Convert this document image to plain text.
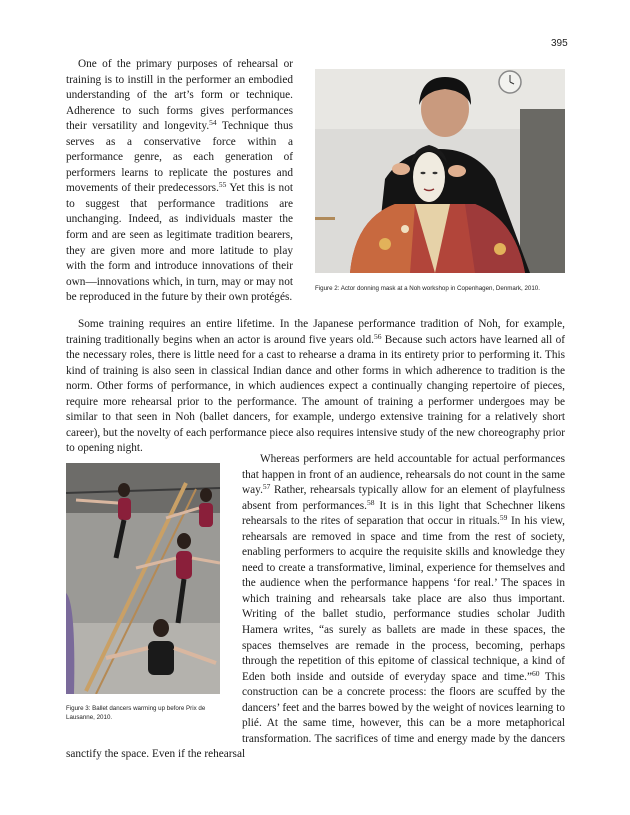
395
Figure 2: Actor donning mask at a Noh workshop in Copenhagen, Denmark, 2010.
Figure 3: Ballet dancers warming up before Prix de Lausanne, 2010.

One of the primary purposes of rehearsal or training is to instill in the performer an embodied understanding of the art’s form or technique. Adherence to such forms gives performances their versatility and longevity.$^{54}$ Technique thus serves as a conservative force within a performance genre, as each generation of performers learns to replicate the postures and movements of their predecessors.$^{55}$ Yet this is not to suggest that performance traditions are unchanging. Indeed, as individuals master the form and are seen as legitimate tradition bearers, they are given more and more latitude to play with the form and introduce innovations of their own—innovations which, in turn, may or may not be reproduced in the future by their own protégés.

Some training requires an entire lifetime. In the Japanese performance tradition of Noh, for example, training traditionally begins when an actor is around five years old.$^{56}$ Because such actors have learned all of the necessary roles, there is little need for a cast to rehearse a drama in its entirety prior to performing it. This kind of training is also seen in classical Indian dance and other forms in which adherence to tradition is the norm. Other forms of performance, in which audiences expect a continually changing repertoire of pieces, require more rehearsal prior to the performance. The amount of training a performer undergoes may be similar to that seen in Noh (ballet dancers, for example, undergo extensive training for a relatively short career), but the novelty of each performance piece also requires intensive study of the new choreography prior to opening night.

Whereas performers are held accountable for actual performances that happen in front of an audience, rehearsals do not count in the same way.$^{57}$ Rather, rehearsals typically allow for an element of playfulness absent from performances.$^{58}$ It is in this light that Schechner likens rehearsals to the rites of separation that occur in rituals.$^{59}$ In his view, rehearsals are removed in space and time from the rest of society, enabling performers to acquire the requisite skills and knowledge they need to create a transformative, liminal, experience for themselves and the audience when the performance happens ‘for real.’ The spaces in which training and rehearsals take place are also thus important. Writing of the ballet studio, performance studies scholar Judith Hamera writes, “as surely as ballets are made in these spaces, the spaces themselves are remade in the process, becoming, perhaps through the repetition of this epitome of classical technique, a kind of Eden both inside and outside of everyday space and time.”$^{60}$ This construction can be a concrete process: the floors are scuffed by the dancers’ feet and the barres bowed by the weight of novices learning to plié. At the same time, however, this can be a more metaphorical transformation. The sacrifices of time and energy made by the dancers sanctify the space. Even if the rehearsal
